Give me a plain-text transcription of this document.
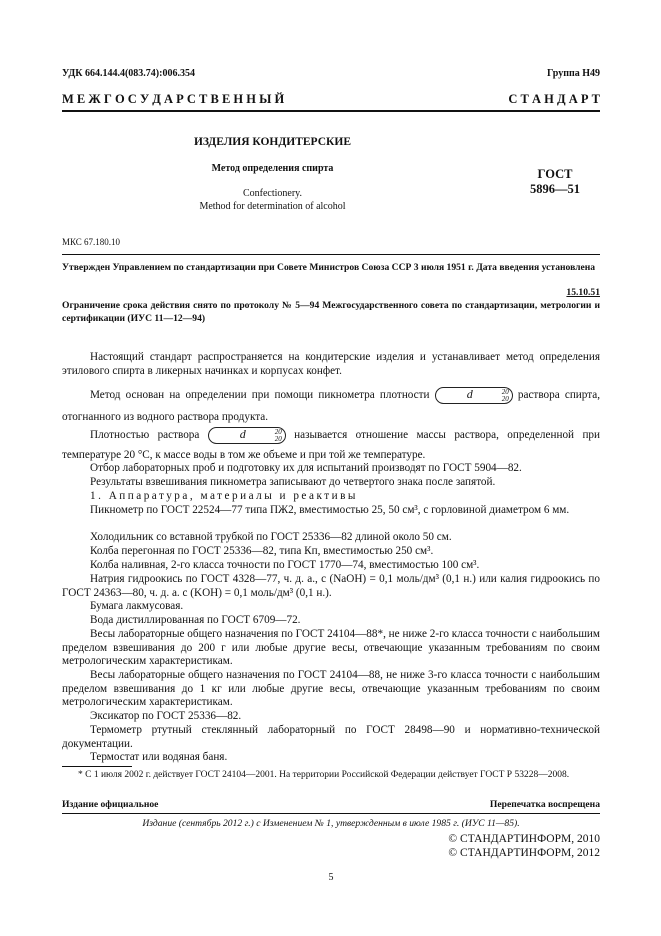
УДК 664.144.4(083.74):006.354	Группа Н49
М Е Ж Г О С У Д А Р С Т В Е Н Н Ы Й	С Т А Н Д А Р Т
ИЗДЕЛИЯ КОНДИТЕРСКИЕ
Метод определения спирта
Confectionery.
Method for determination of alcohol
ГОСТ
5896—51
МКС 67.180.10
Утвержден Управлением по стандартизации при Совете Министров Союза ССР 3 июля 1951 г. Дата введения установлена
15.10.51
Ограничение срока действия снято по протоколу № 5—94 Межгосударственного совета по стандартизации, метрологии и сертификации (ИУС 11—12—94)
Настоящий стандарт распространяется на кондитерские изделия и устанавливает метод определения этилового спирта в ликерных начинках и корпусах конфет.
Метод основан на определении при помощи пикнометра плотности	d	20
20 раствора спирта, отогнанного из водного раствора продукта.
Плотностью раствора	d	20
20 называется отношение массы раствора, определенной при температуре 20 °С, к массе воды в том же объеме и при той же температуре.
Отбор лабораторных проб и подготовку их для испытаний производят по ГОСТ 5904—82.
Результаты взвешивания пикнометра записывают до четвертого знака после запятой.
1. Аппаратура, материалы и реактивы
Пикнометр по ГОСТ 22524—77 типа ПЖ2, вместимостью 25, 50 см³, с горловиной диаметром 6 мм.
Холодильник со вставной трубкой по ГОСТ 25336—82 длиной около 50 см.
Колба перегонная по ГОСТ 25336—82, типа Кп, вместимостью 250 см³.
Колба наливная, 2-го класса точности по ГОСТ 1770—74, вместимостью 100 см³.
Натрия гидроокись по ГОСТ 4328—77, ч. д. а., с (NaOH) = 0,1 моль/дм³ (0,1 н.) или калия гидроокись по ГОСТ 24363—80, ч. д. а. с (KOH) = 0,1 моль/дм³ (0,1 н.).
Бумага лакмусовая.
Вода дистиллированная по ГОСТ 6709—72.
Весы лабораторные общего назначения по ГОСТ 24104—88*, не ниже 2-го класса точности с наибольшим пределом взвешивания до 200 г или любые другие весы, отвечающие указанным требованиям по своим метрологическим характеристикам.
Весы лабораторные общего назначения по ГОСТ 24104—88, не ниже 3-го класса точности с наибольшим пределом взвешивания до 1 кг или любые другие весы, отвечающие указанным требованиям по своим метрологическим характеристикам.
Эксикатор по ГОСТ 25336—82.
Термометр ртутный стеклянный лабораторный по ГОСТ 28498—90 и нормативно-технической документации.
Термостат или водяная баня.
* С 1 июля 2002 г. действует ГОСТ 24104—2001. На территории Российской Федерации действует ГОСТ Р 53228—2008.
Издание официальное	Перепечатка воспрещена
Издание (сентябрь 2012 г.) с Изменением № 1, утвержденным в июле 1985 г. (ИУС 11—85).
© СТАНДАРТИНФОРМ, 2010
© СТАНДАРТИНФОРМ, 2012
5
